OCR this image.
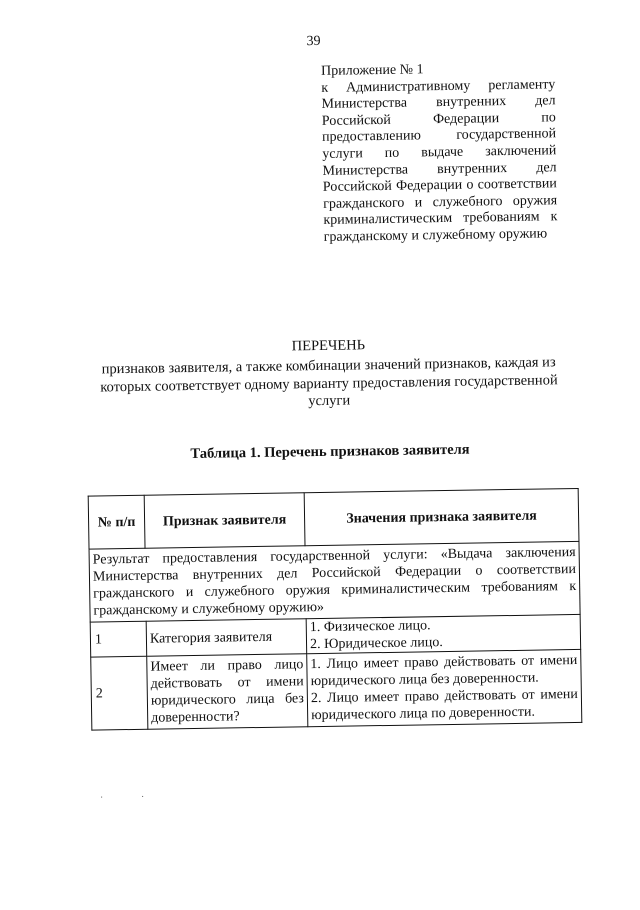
39
Приложение № 1
к Административному регламенту Министерства внутренних дел Российской Федерации по предоставлению государственной услуги по выдаче заключений Министерства внутренних дел Российской Федерации о соответствии гражданского и служебного оружия криминалистическим требованиям к гражданскому и служебному оружию
ПЕРЕЧЕНЬ
признаков заявителя, а также комбинации значений признаков, каждая из которых соответствует одному варианту предоставления государственной услуги
Таблица 1. Перечень признаков заявителя
№ п/п	Признак заявителя	Значения признака заявителя
Результат предоставления государственной услуги: «Выдача заключения Министерства внутренних дел Российской Федерации о соответствии гражданского и служебного оружия криминалистическим требованиям к гражданскому и служебному оружию»		
1	Категория заявителя	1. Физическое лицо.
2. Юридическое лицо.

2	Имеет ли право лицо действовать от имени юридического лица без доверенности?	1. Лицо имеет право действовать от имени юридического лица без доверенности.
2. Лицо имеет право действовать от имени юридического лица по доверенности.
. .
